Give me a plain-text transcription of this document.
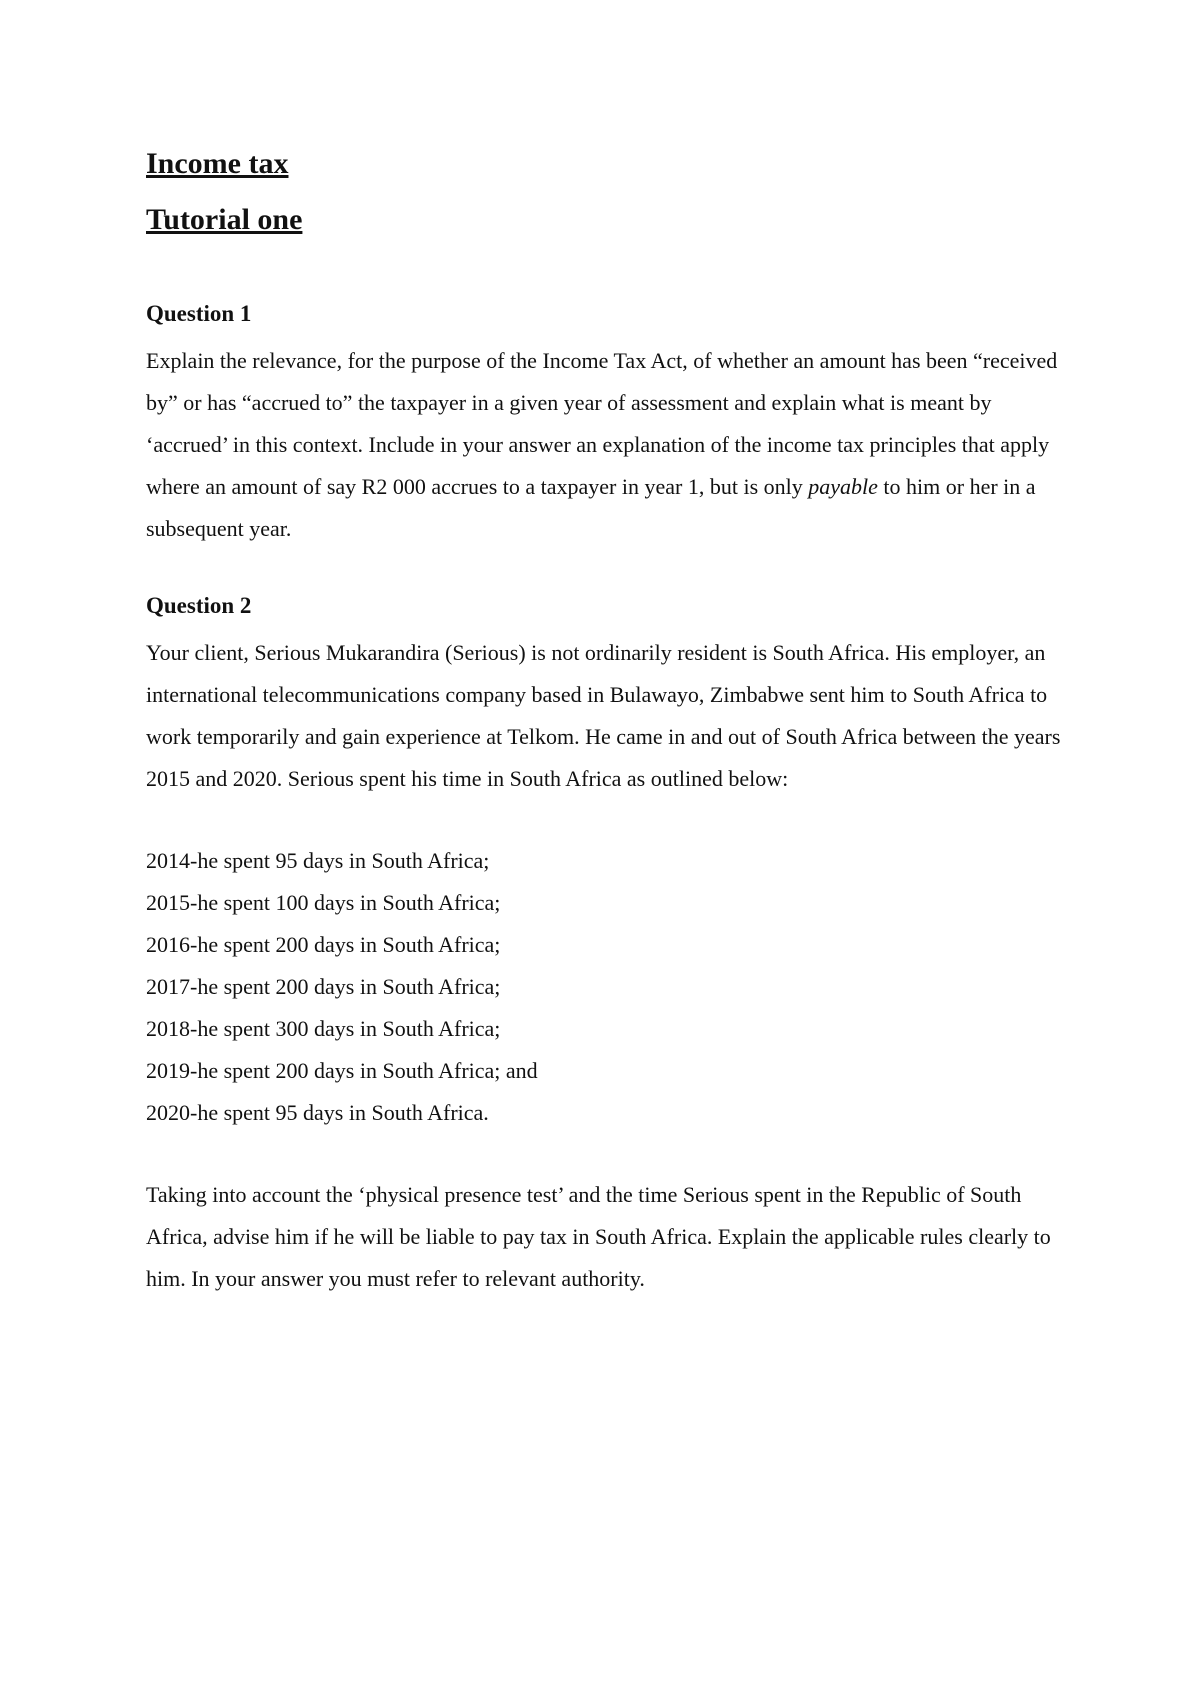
Income tax
Tutorial one
Question 1

Explain the relevance, for the purpose of the Income Tax Act, of whether an amount has been “received by” or has “accrued to” the taxpayer in a given year of assessment and explain what is meant by ‘accrued’ in this context. Include in your answer an explanation of the income tax principles that apply where an amount of say R2 000 accrues to a taxpayer in year 1, but is only payable to him or her in a subsequent year.

Question 2

Your client, Serious Mukarandira (Serious) is not ordinarily resident is South Africa. His employer, an international telecommunications company based in Bulawayo, Zimbabwe sent him to South Africa to work temporarily and gain experience at Telkom. He came in and out of South Africa between the years 2015 and 2020. Serious spent his time in South Africa as outlined below:

2014-he spent 95 days in South Africa;
2015-he spent 100 days in South Africa;
2016-he spent 200 days in South Africa;
2017-he spent 200 days in South Africa;
2018-he spent 300 days in South Africa;
2019-he spent 200 days in South Africa; and
2020-he spent 95 days in South Africa.

Taking into account the ‘physical presence test’ and the time Serious spent in the Republic of South Africa, advise him if he will be liable to pay tax in South Africa. Explain the applicable rules clearly to him. In your answer you must refer to relevant authority.
